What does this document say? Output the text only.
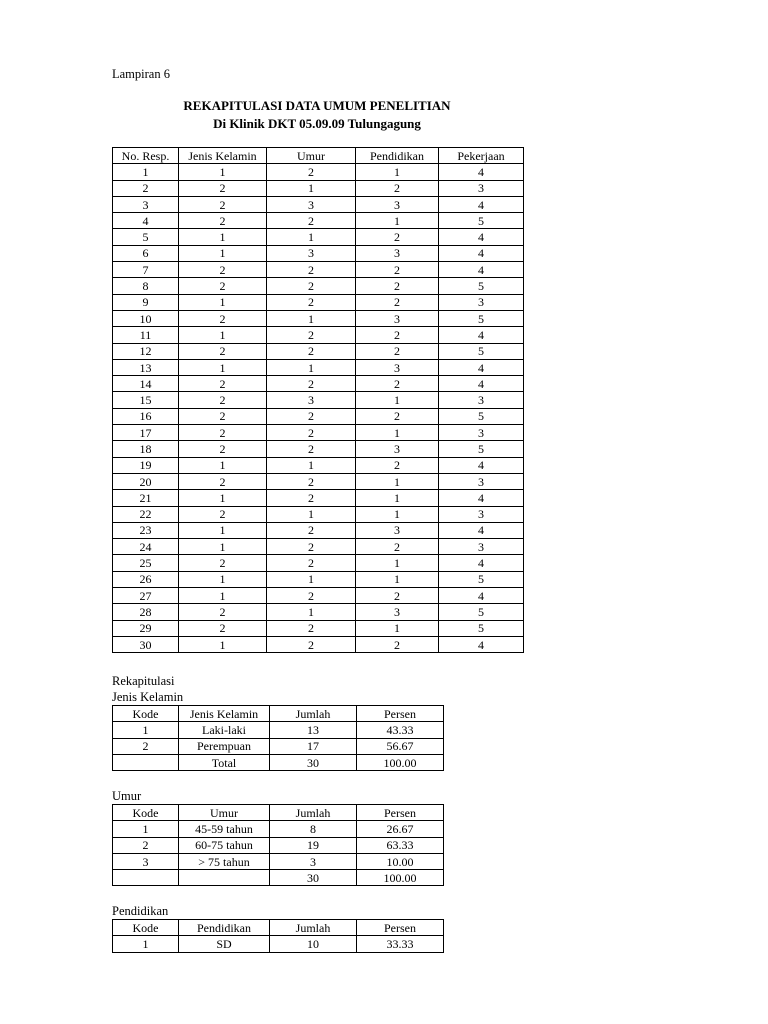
Lampiran 6
REKAPITULASI DATA UMUM PENELITIAN
Di Klinik DKT 05.09.09 Tulungagung
No. Resp.	Jenis Kelamin	Umur	Pendidikan	Pekerjaan
1	1	2	1	4
2	2	1	2	3
3	2	3	3	4
4	2	2	1	5
5	1	1	2	4
6	1	3	3	4
7	2	2	2	4
8	2	2	2	5
9	1	2	2	3
10	2	1	3	5
11	1	2	2	4
12	2	2	2	5
13	1	1	3	4
14	2	2	2	4
15	2	3	1	3
16	2	2	2	5
17	2	2	1	3
18	2	2	3	5
19	1	1	2	4
20	2	2	1	3
21	1	2	1	4
22	2	1	1	3
23	1	2	3	4
24	1	2	2	3
25	2	2	1	4
26	1	1	1	5
27	1	2	2	4
28	2	1	3	5
29	2	2	1	5
30	1	2	2	4
Rekapitulasi
Jenis Kelamin
Kode	Jenis Kelamin	Jumlah	Persen
1	Laki-laki	13	43.33
2	Perempuan	17	56.67
	Total	30	100.00
Umur
Kode	Umur	Jumlah	Persen
1	45-59 tahun	8	26.67
2	60-75 tahun	19	63.33
3	> 75 tahun	3	10.00
		30	100.00
Pendidikan
Kode	Pendidikan	Jumlah	Persen
1	SD	10	33.33
